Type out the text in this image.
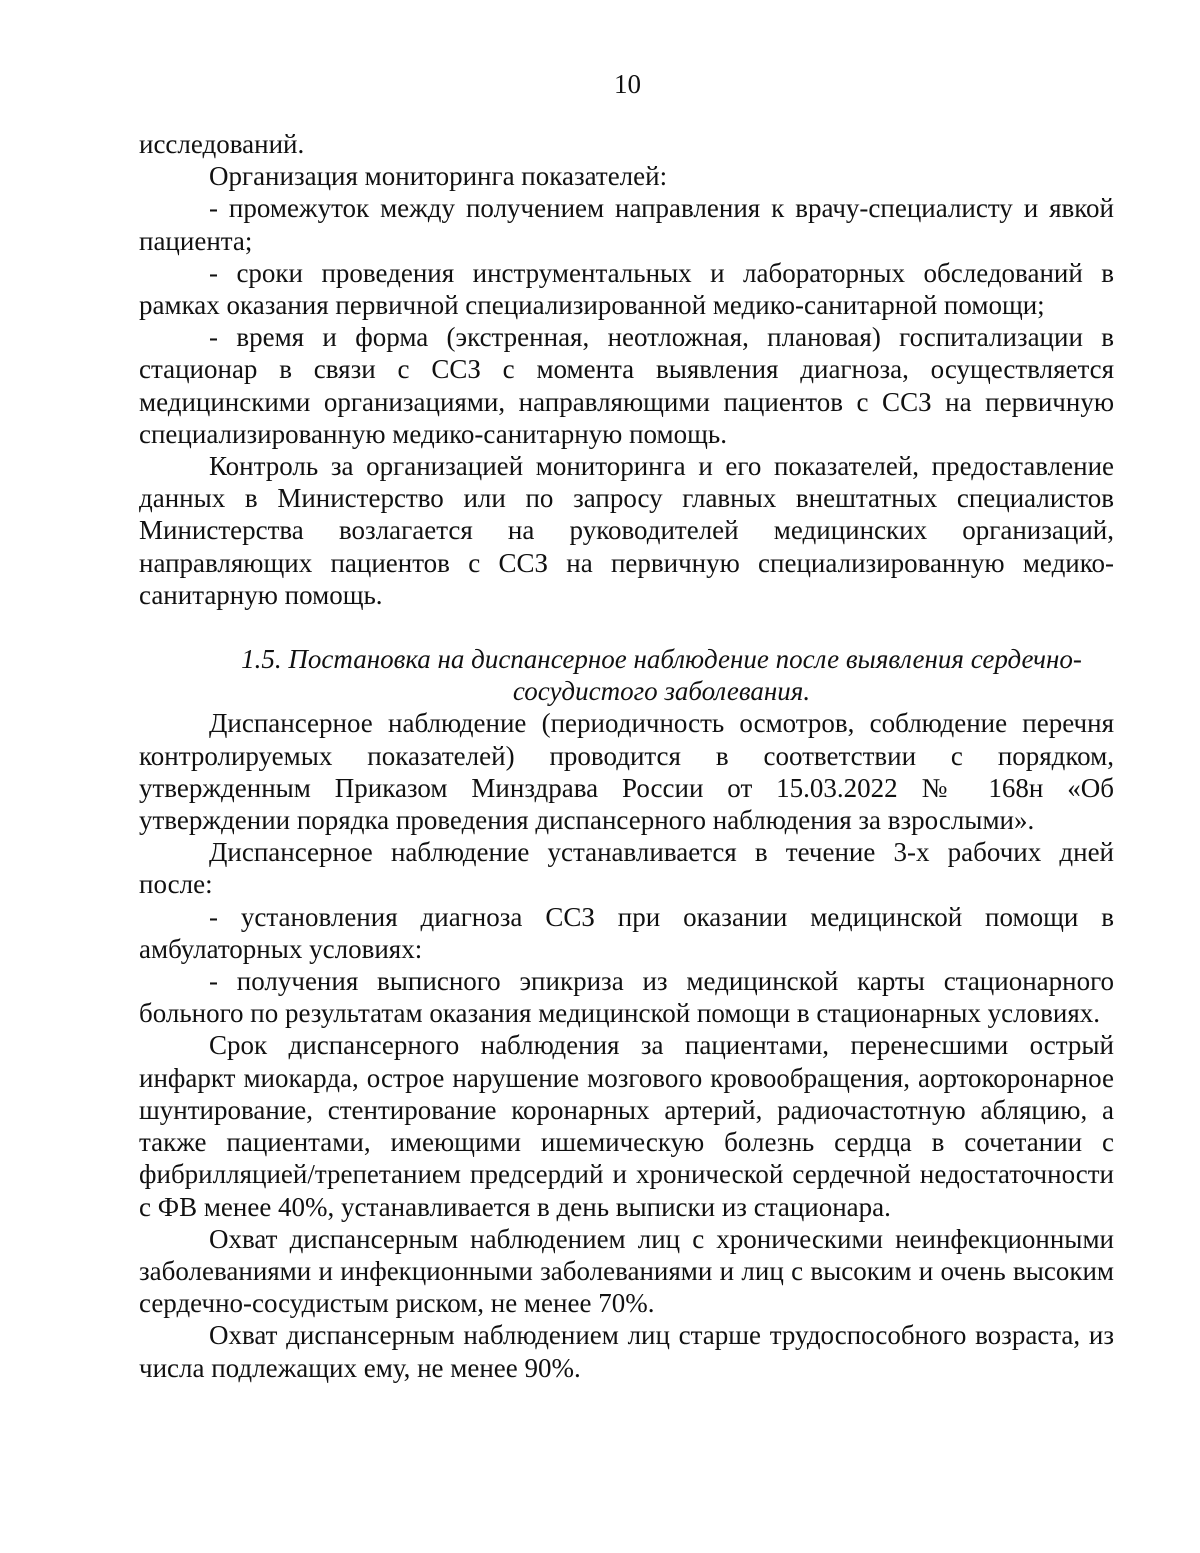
10

исследований.

Организация мониторинга показателей:

- промежуток между получением направления к врачу-специалисту и явкой пациента;

- сроки проведения инструментальных и лабораторных обследований в рамках оказания первичной специализированной медико-санитарной помощи;

- время и форма (экстренная, неотложная, плановая) госпитализации в стационар в связи с ССЗ с момента выявления диагноза, осуществляется медицинскими организациями, направляющими пациентов с ССЗ на первичную специализированную медико-санитарную помощь.

Контроль за организацией мониторинга и его показателей, предоставление данных в Министерство или по запросу главных внештатных специалистов Министерства возлагается на руководителей медицинских организаций, направляющих пациентов с ССЗ на первичную специализированную медико-санитарную помощь.

1.5. Постановка на диспансерное наблюдение после выявления сердечно-сосудистого заболевания.

Диспансерное наблюдение (периодичность осмотров, соблюдение перечня контролируемых показателей) проводится в соответствии с порядком, утвержденным Приказом Минздрава России от 15.03.2022 № 168н «Об утверждении порядка проведения диспансерного наблюдения за взрослыми».

Диспансерное наблюдение устанавливается в течение 3-х рабочих дней после:

- установления диагноза ССЗ при оказании медицинской помощи в амбулаторных условиях:

- получения выписного эпикриза из медицинской карты стационарного больного по результатам оказания медицинской помощи в стационарных условиях.

Срок диспансерного наблюдения за пациентами, перенесшими острый инфаркт миокарда, острое нарушение мозгового кровообращения, аортокоронарное шунтирование, стентирование коронарных артерий, радиочастотную абляцию, а также пациентами, имеющими ишемическую болезнь сердца в сочетании с фибрилляцией/трепетанием предсердий и хронической сердечной недостаточности с ФВ менее 40%, устанавливается в день выписки из стационара.

Охват диспансерным наблюдением лиц с хроническими неинфекционными заболеваниями и инфекционными заболеваниями и лиц с высоким и очень высоким сердечно-сосудистым риском, не менее 70%.

Охват диспансерным наблюдением лиц старше трудоспособного возраста, из числа подлежащих ему, не менее 90%.
